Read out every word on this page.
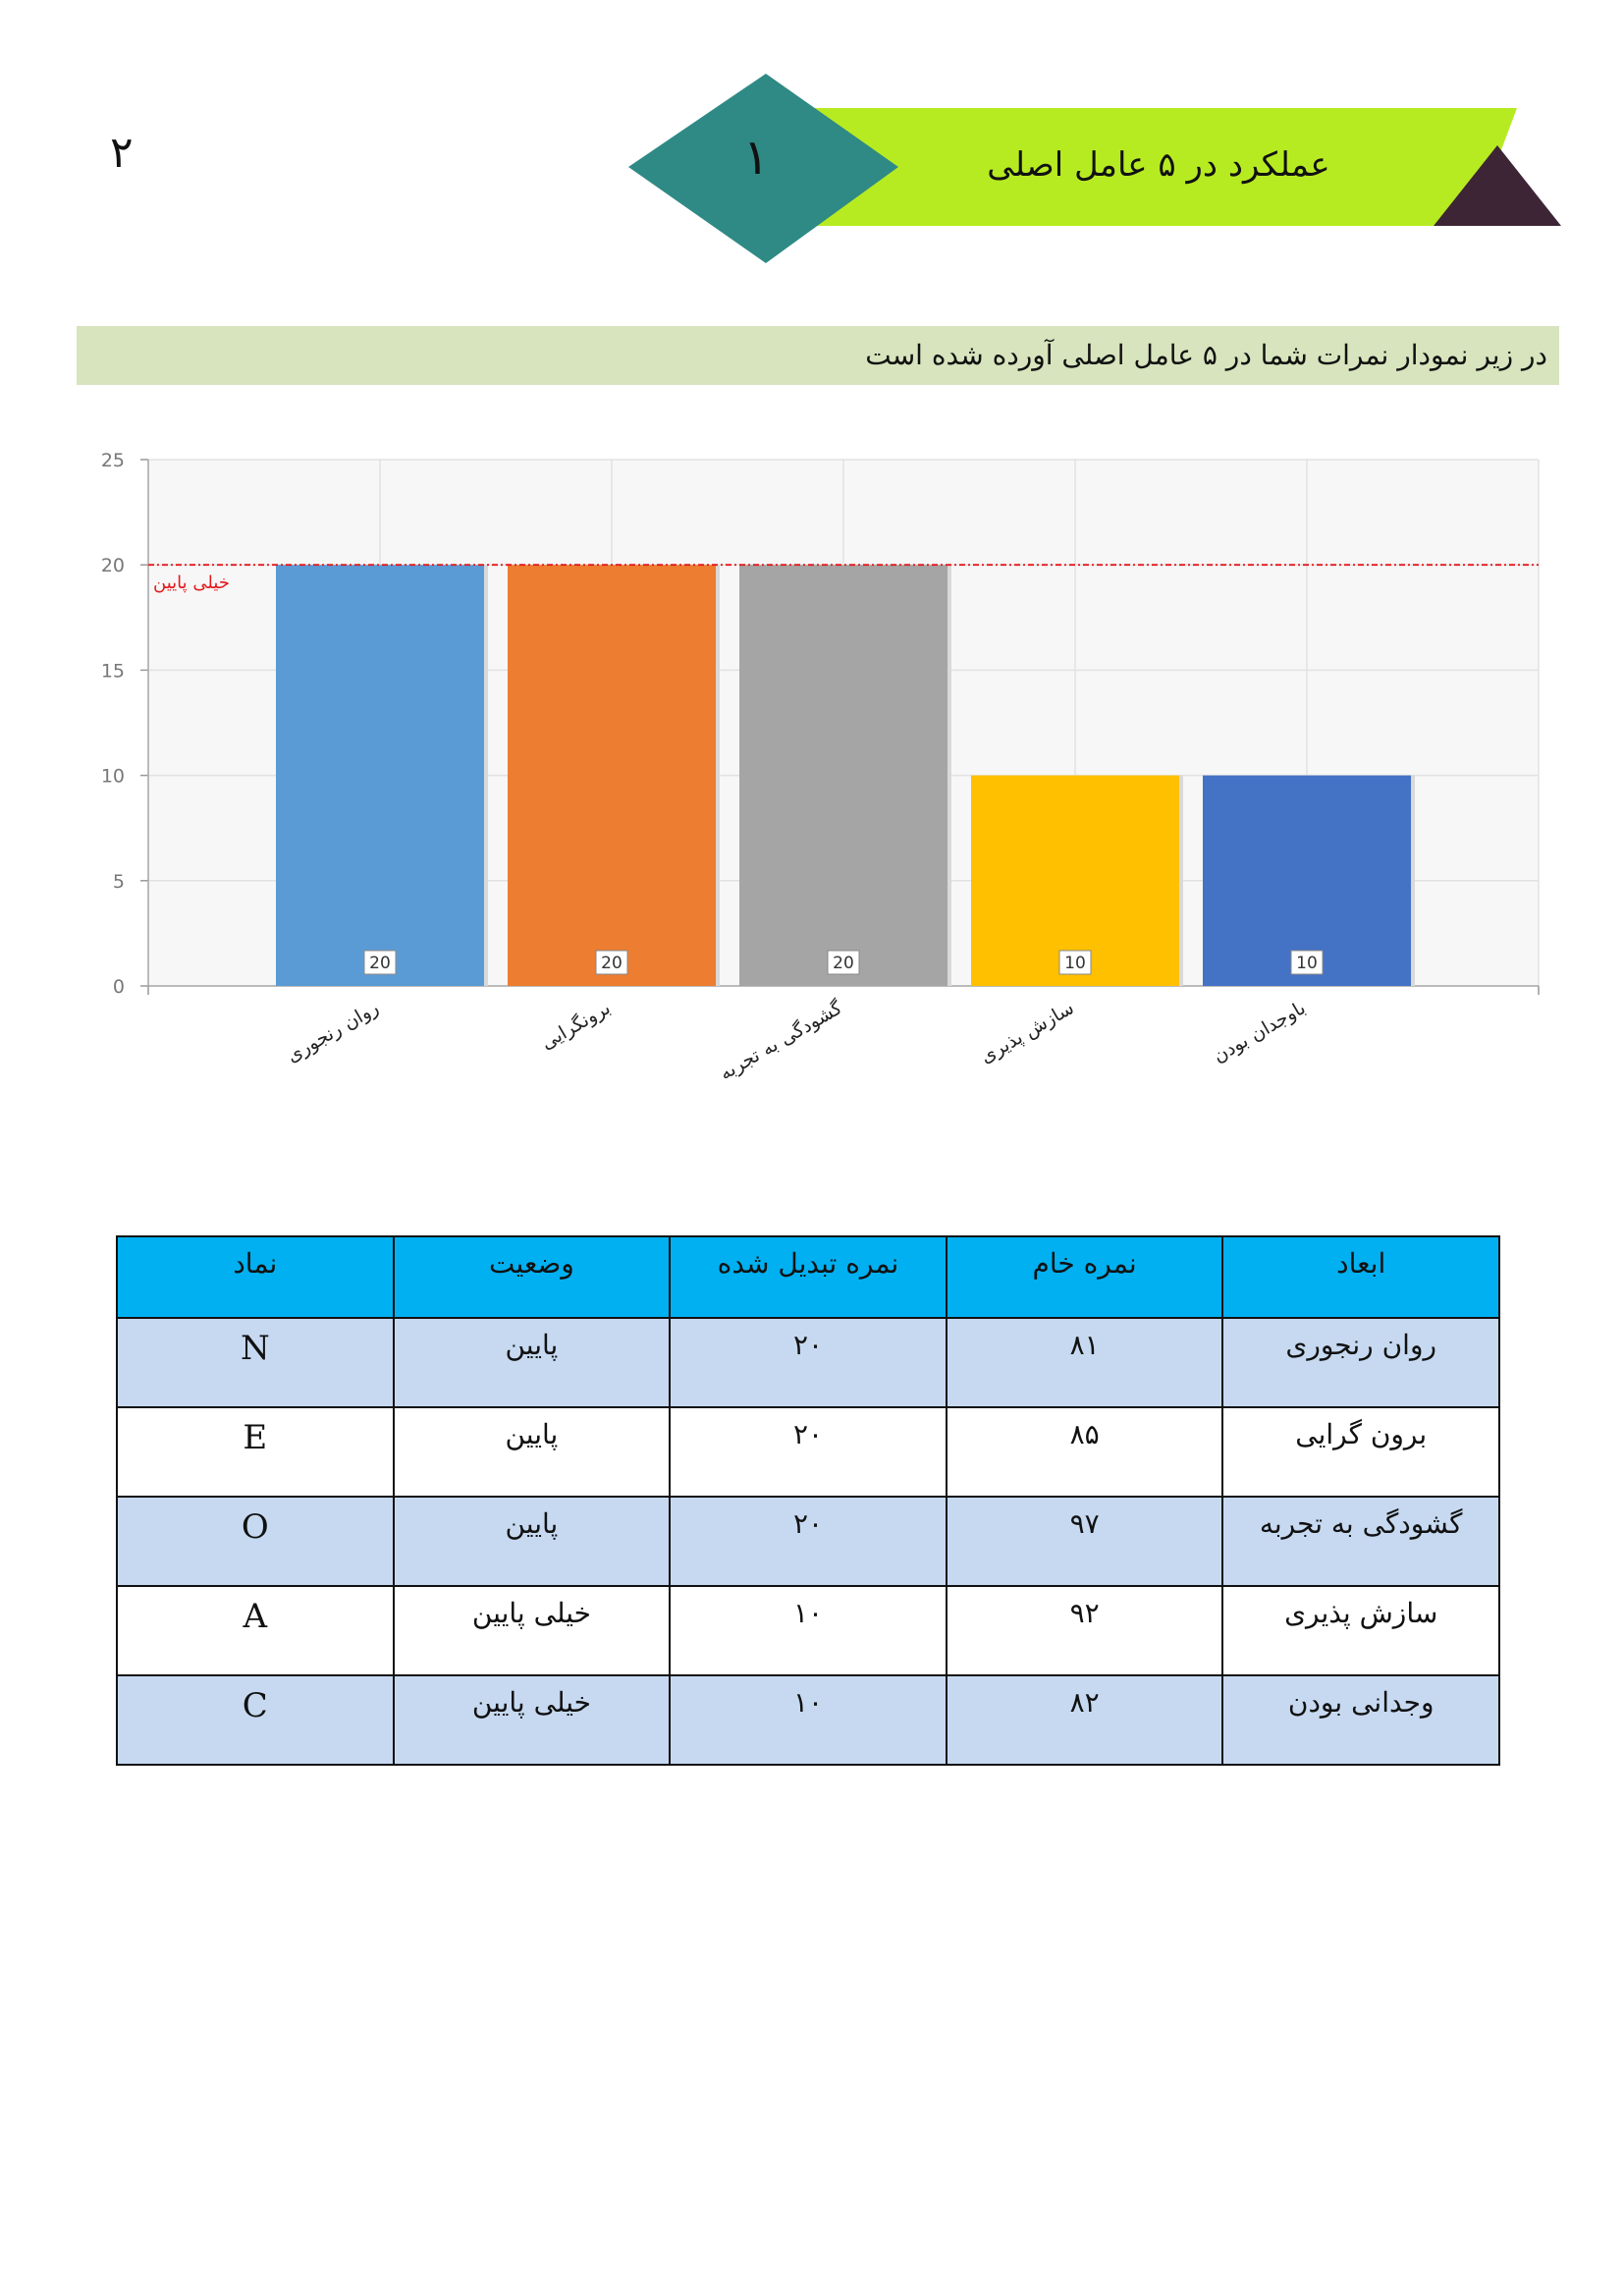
۲	۱	عملکرد در ۵ عامل اصلی
در زیر نمودار نمرات شما در ۵ عامل اصلی آورده شده است
0
5
10
15
20
25
20
روان رنجوری
20
برونگرایی
20
گشودگی به تجربه
10
سازش پذیری
10
باوجدان بودن
خیلی پایین
ابعاد	نمره خام	نمره تبدیل شده	وضعیت	نماد
روان رنجوری	۸۱	۲۰	پایین	N
برون گرایی	۸۵	۲۰	پایین	E
گشودگی به تجربه	۹۷	۲۰	پایین	O
سازش پذیری	۹۲	۱۰	خیلی پایین	A
وجدانی بودن	۸۲	۱۰	خیلی پایین	C
